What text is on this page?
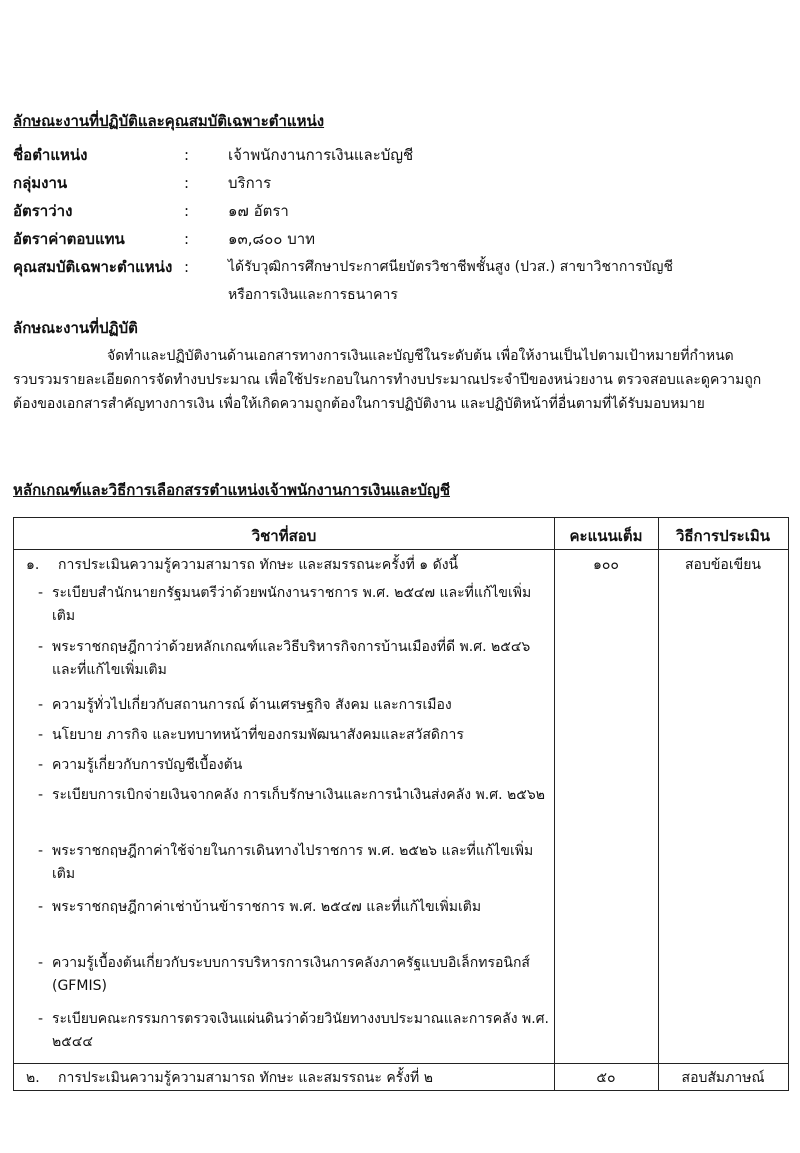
ลักษณะงานที่ปฏิบัติและคุณสมบัติเฉพาะตำแหน่ง
ชื่อตำแหน่ง	:	เจ้าพนักงานการเงินและบัญชี
กลุ่มงาน	:	บริการ
อัตราว่าง	:	๑๗ อัตรา
อัตราค่าตอบแทน	:	๑๓,๘๐๐ บาท
คุณสมบัติเฉพาะตำแหน่ง :	ได้รับวุฒิการศึกษาประกาศนียบัตรวิชาชีพชั้นสูง (ปวส.) สาขาวิชาการบัญชี
หรือการเงินและการธนาคาร
ลักษณะงานที่ปฏิบัติ
จัดทำและปฏิบัติงานด้านเอกสารทางการเงินและบัญชีในระดับต้น เพื่อให้งานเป็นไปตามเป้าหมายที่กำหนด รวบรวมรายละเอียดการจัดทำงบประมาณ เพื่อใช้ประกอบในการทำงบประมาณประจำปีของหน่วยงาน ตรวจสอบและดูความถูกต้องของเอกสารสำคัญทางการเงิน เพื่อให้เกิดความถูกต้องในการปฏิบัติงาน และปฏิบัติหน้าที่อื่นตามที่ได้รับมอบหมาย
หลักเกณฑ์และวิธีการเลือกสรรตำแหน่งเจ้าพนักงานการเงินและบัญชี
วิชาที่สอบ	คะแนนเต็ม	วิธีการประเมิน
๑. การประเมินความรู้ความสามารถ ทักษะ และสมรรถนะครั้งที่ ๑ ดังนี้	๑๐๐	สอบข้อเขียน
- ระเบียบสำนักนายกรัฐมนตรีว่าด้วยพนักงานราชการ พ.ศ. ๒๕๔๗ และที่แก้ไขเพิ่มเติม
- พระราชกฤษฎีกาว่าด้วยหลักเกณฑ์และวิธีบริหารกิจการบ้านเมืองที่ดี พ.ศ. ๒๕๔๖ และที่แก้ไขเพิ่มเติม
- ความรู้ทั่วไปเกี่ยวกับสถานการณ์ ด้านเศรษฐกิจ สังคม และการเมือง
- นโยบาย ภารกิจ และบทบาทหน้าที่ของกรมพัฒนาสังคมและสวัสดิการ
- ความรู้เกี่ยวกับการบัญชีเบื้องต้น
- ระเบียบการเบิกจ่ายเงินจากคลัง การเก็บรักษาเงินและการนำเงินส่งคลัง พ.ศ. ๒๕๖๒
- พระราชกฤษฎีกาค่าใช้จ่ายในการเดินทางไปราชการ พ.ศ. ๒๕๒๖ และที่แก้ไขเพิ่มเติม
- พระราชกฤษฎีกาค่าเช่าบ้านข้าราชการ พ.ศ. ๒๕๔๗ และที่แก้ไขเพิ่มเติม
- ความรู้เบื้องต้นเกี่ยวกับระบบการบริหารการเงินการคลังภาครัฐแบบอิเล็กทรอนิกส์ (GFMIS)
- ระเบียบคณะกรรมการตรวจเงินแผ่นดินว่าด้วยวินัยทางงบประมาณและการคลัง พ.ศ. ๒๕๔๔
๒. การประเมินความรู้ความสามารถ ทักษะ และสมรรถนะ ครั้งที่ ๒	๕๐	สอบสัมภาษณ์
